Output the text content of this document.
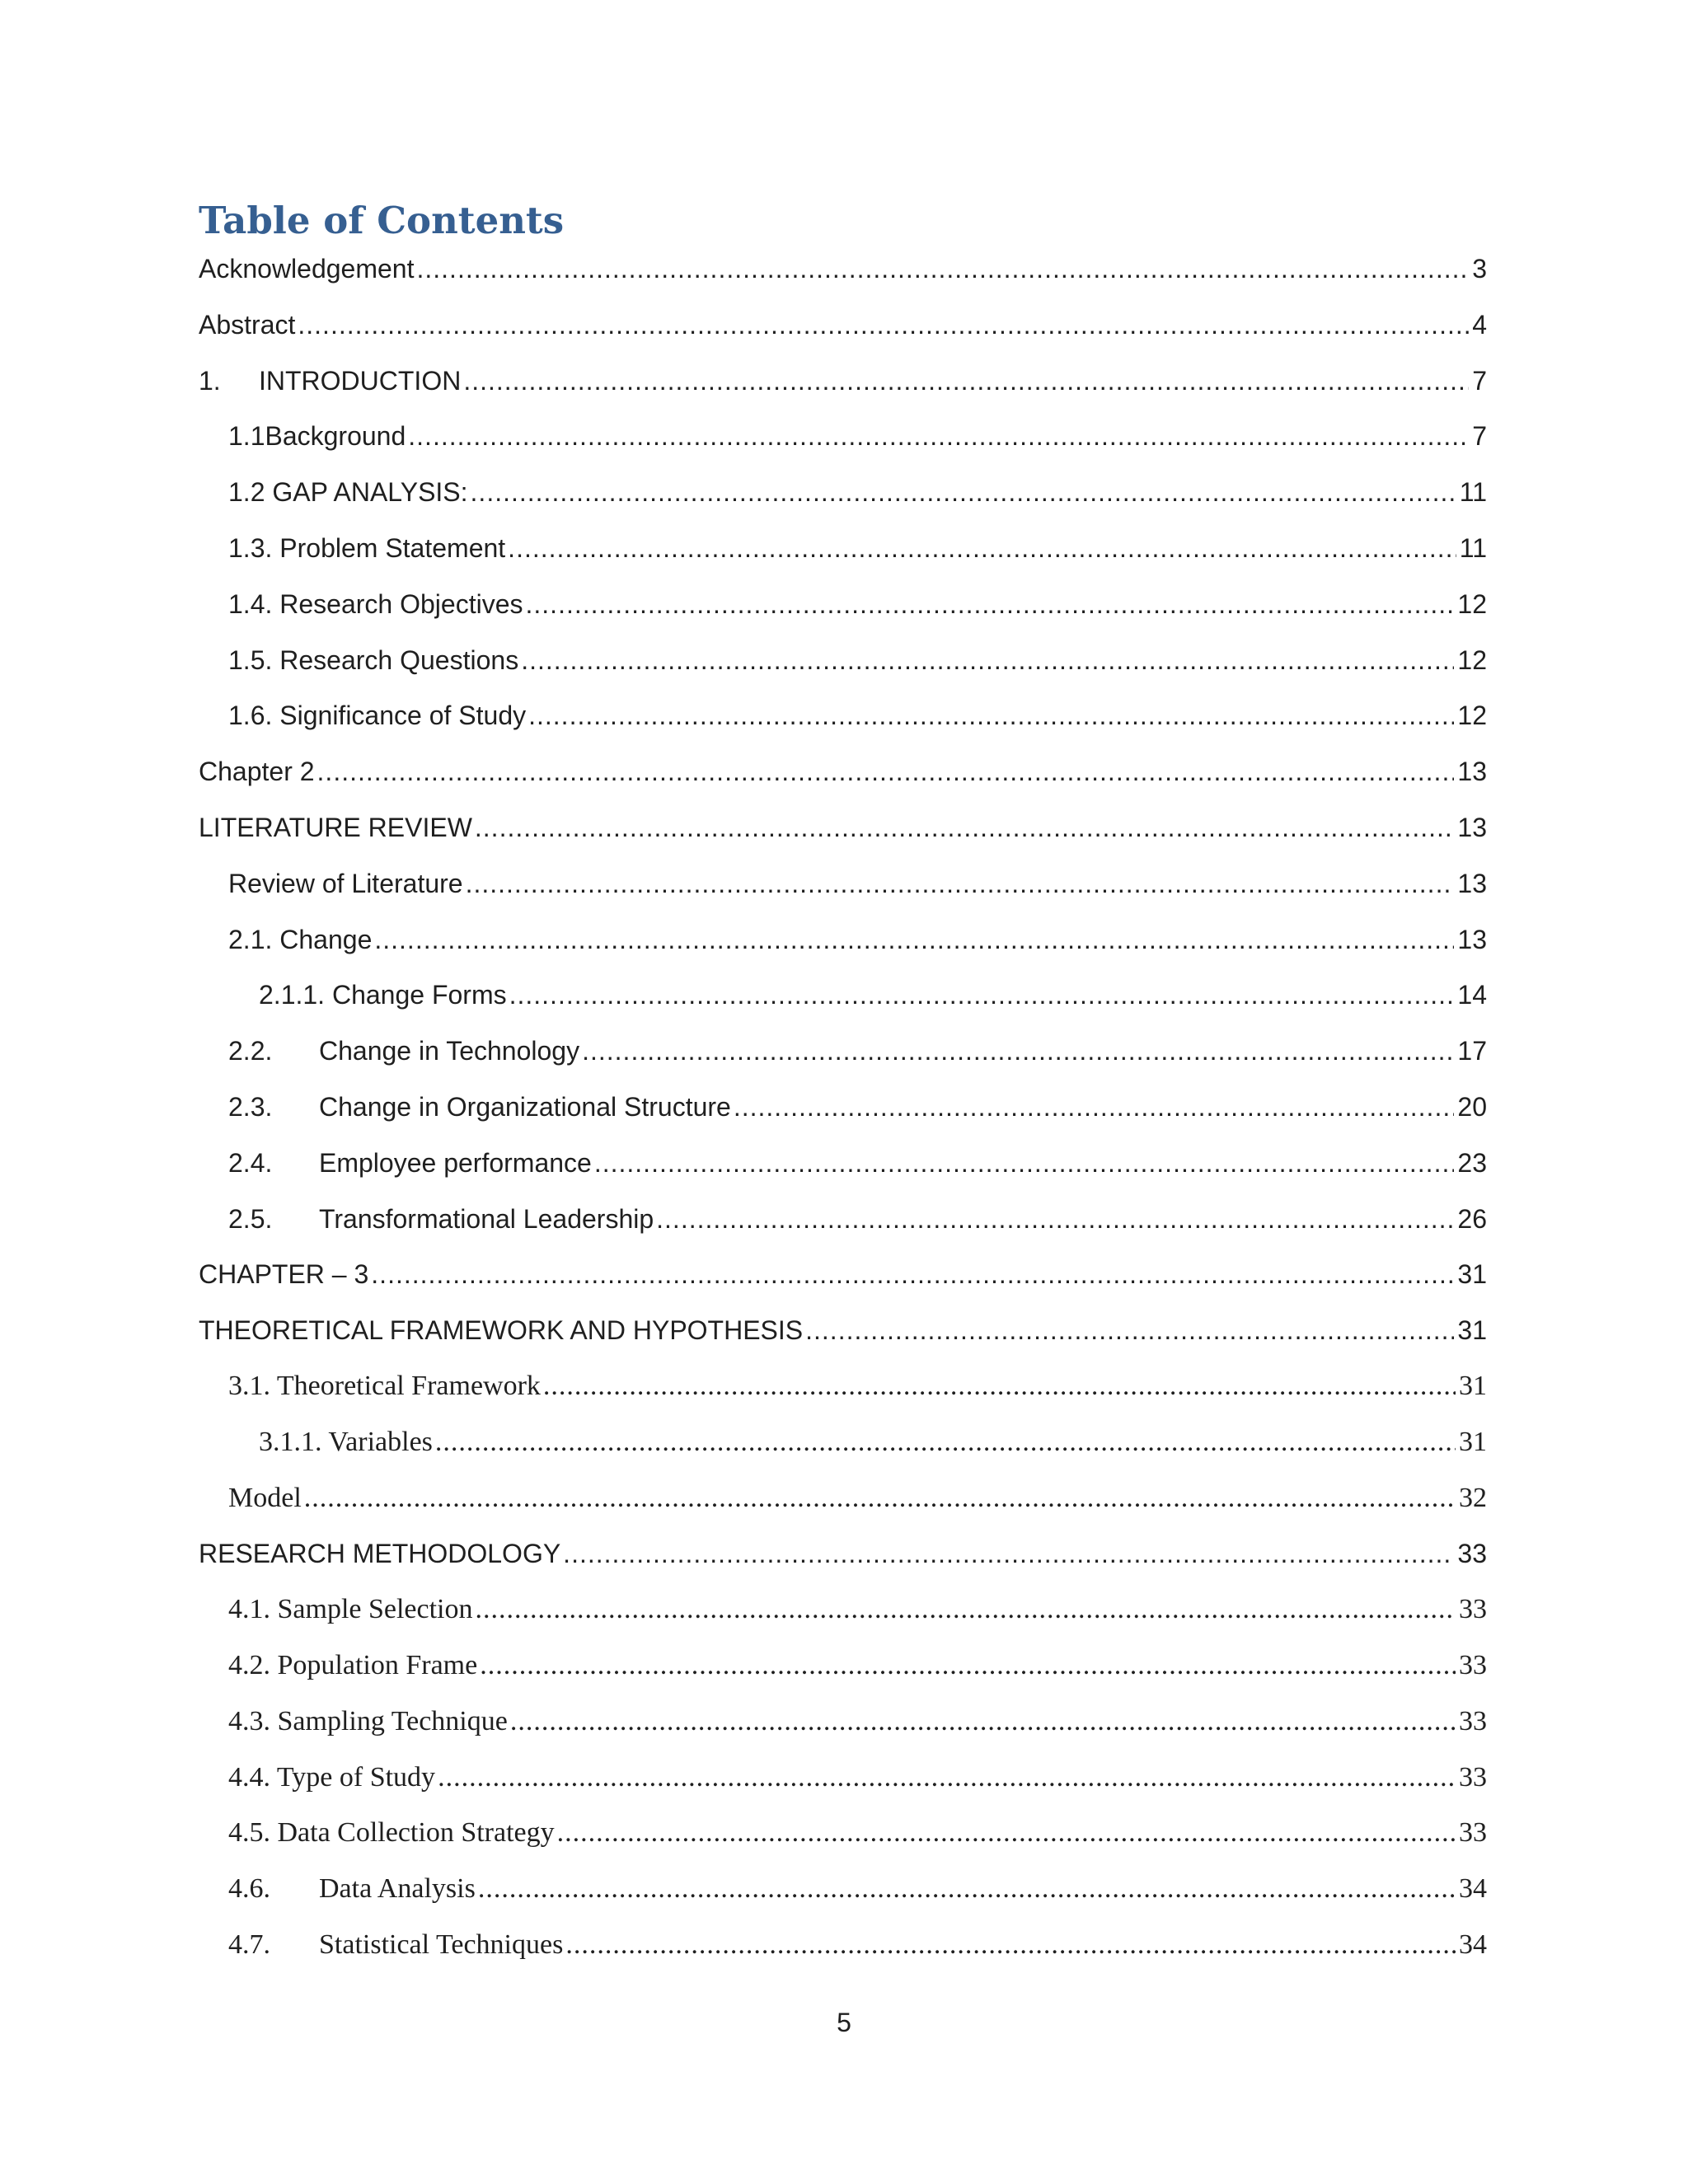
Table of Contents
Acknowledgement .....	3
Abstract .....	4
1.	INTRODUCTION .....	7
1.1Background .....	7
1.2 GAP ANALYSIS: .....	11
1.3. Problem Statement .....	11
1.4. Research Objectives .....	12
1.5. Research Questions .....	12
1.6. Significance of Study .....	12
Chapter 2 .....	13
LITERATURE REVIEW .....	13
Review of Literature .....	13
2.1. Change .....	13
2.1.1. Change Forms .....	14
2.2.	Change in Technology .....	17
2.3.	Change in Organizational Structure .....	20
2.4.	Employee performance .....	23
2.5.	Transformational Leadership .....	26
CHAPTER – 3 .....	31
THEORETICAL FRAMEWORK AND HYPOTHESIS .....	31
3.1. Theoretical Framework .....	31
3.1.1. Variables .....	31
Model .....	32
RESEARCH METHODOLOGY .....	33
4.1. Sample Selection .....	33
4.2. Population Frame .....	33
4.3. Sampling Technique .....	33
4.4. Type of Study .....	33
4.5. Data Collection Strategy .....	33
4.6.	Data Analysis .....	34
4.7.	Statistical Techniques .....	34
5
